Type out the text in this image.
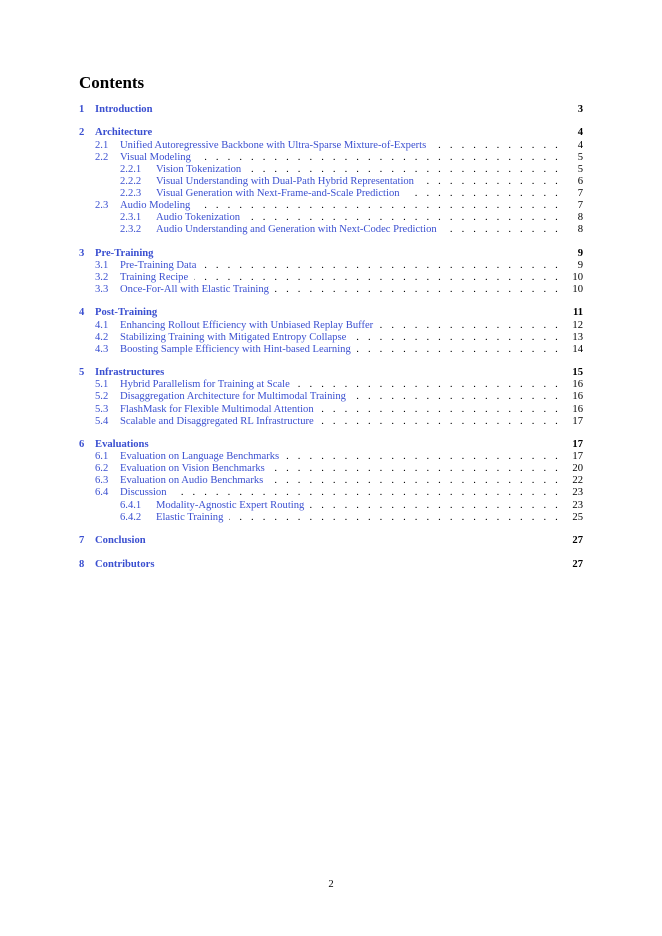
Contents
1	Introduction	3
2	Architecture	4
2.1	Unified Autoregressive Backbone with Ultra-Sparse Mixture-of-Experts . . .	4
2.2	Visual Modeling . . .	5
2.2.1	Vision Tokenization . . .	5
2.2.2	Visual Understanding with Dual-Path Hybrid Representation . . .	6
2.2.3	Visual Generation with Next-Frame-and-Scale Prediction . . .	7
2.3	Audio Modeling . . .	7
2.3.1	Audio Tokenization . . .	8
2.3.2	Audio Understanding and Generation with Next-Codec Prediction . . .	8
3	Pre-Training	9
3.1	Pre-Training Data . . .	9
3.2	Training Recipe . . .	10
3.3	Once-For-All with Elastic Training . . .	10
4	Post-Training	11
4.1	Enhancing Rollout Efficiency with Unbiased Replay Buffer . . .	12
4.2	Stabilizing Training with Mitigated Entropy Collapse . . .	13
4.3	Boosting Sample Efficiency with Hint-based Learning . . .	14
5	Infrastructures	15
5.1	Hybrid Parallelism for Training at Scale . . .	16
5.2	Disaggregation Architecture for Multimodal Training . . .	16
5.3	FlashMask for Flexible Multimodal Attention . . .	16
5.4	Scalable and Disaggregated RL Infrastructure . . .	17
6	Evaluations	17
6.1	Evaluation on Language Benchmarks . . .	17
6.2	Evaluation on Vision Benchmarks . . .	20
6.3	Evaluation on Audio Benchmarks . . .	22
6.4	Discussion . . .	23
6.4.1	Modality-Agnostic Expert Routing . . .	23
6.4.2	Elastic Training . . .	25
7	Conclusion	27
8	Contributors	27
2
